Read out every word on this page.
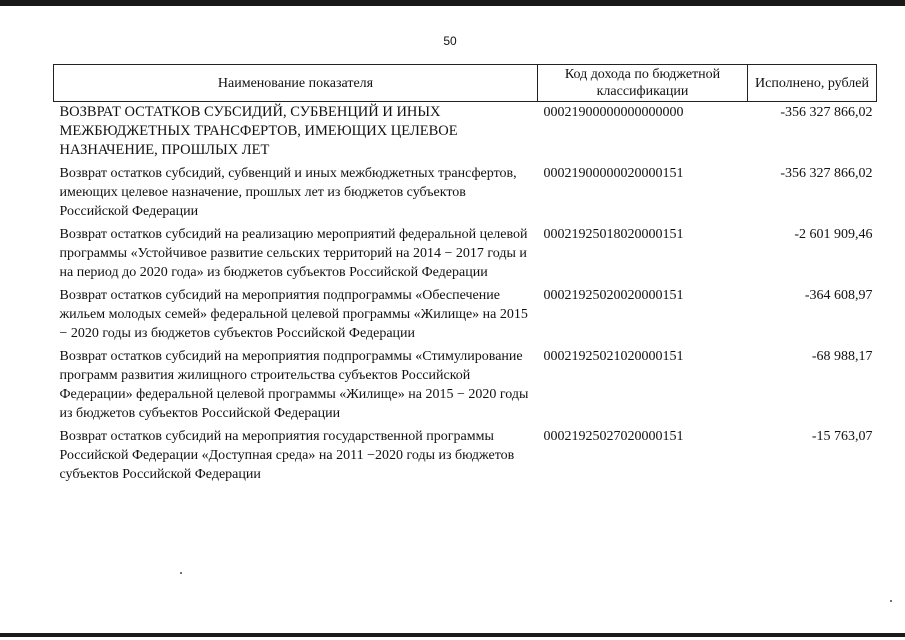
50
Наименование показателя	Код дохода по бюджетной классификации	Исполнено, рублей
ВОЗВРАТ ОСТАТКОВ СУБСИДИЙ, СУБВЕНЦИЙ И ИНЫХ МЕЖБЮДЖЕТНЫХ ТРАНСФЕРТОВ, ИМЕЮЩИХ ЦЕЛЕВОЕ НАЗНАЧЕНИЕ, ПРОШЛЫХ ЛЕТ	00021900000000000000	-356 327 866,02
Возврат остатков субсидий, субвенций и иных межбюджетных трансфертов, имеющих целевое назначение, прошлых лет из бюджетов субъектов Российской Федерации	00021900000020000151	-356 327 866,02
Возврат остатков субсидий на реализацию мероприятий федеральной целевой программы «Устойчивое развитие сельских территорий на 2014 − 2017 годы и на период до 2020 года» из бюджетов субъектов Российской Федерации	00021925018020000151	-2 601 909,46
Возврат остатков субсидий на мероприятия подпрограммы «Обеспечение жильем молодых семей» федеральной целевой программы «Жилище» на 2015 − 2020 годы из бюджетов субъектов Российской Федерации	00021925020020000151	-364 608,97
Возврат остатков субсидий на мероприятия подпрограммы «Стимулирование программ развития жилищного строительства субъектов Российской Федерации» федеральной целевой программы «Жилище» на 2015 − 2020 годы из бюджетов субъектов Российской Федерации	00021925021020000151	-68 988,17
Возврат остатков субсидий на мероприятия государственной программы Российской Федерации «Доступная среда» на 2011 −2020 годы из бюджетов субъектов Российской Федерации	00021925027020000151	-15 763,07
